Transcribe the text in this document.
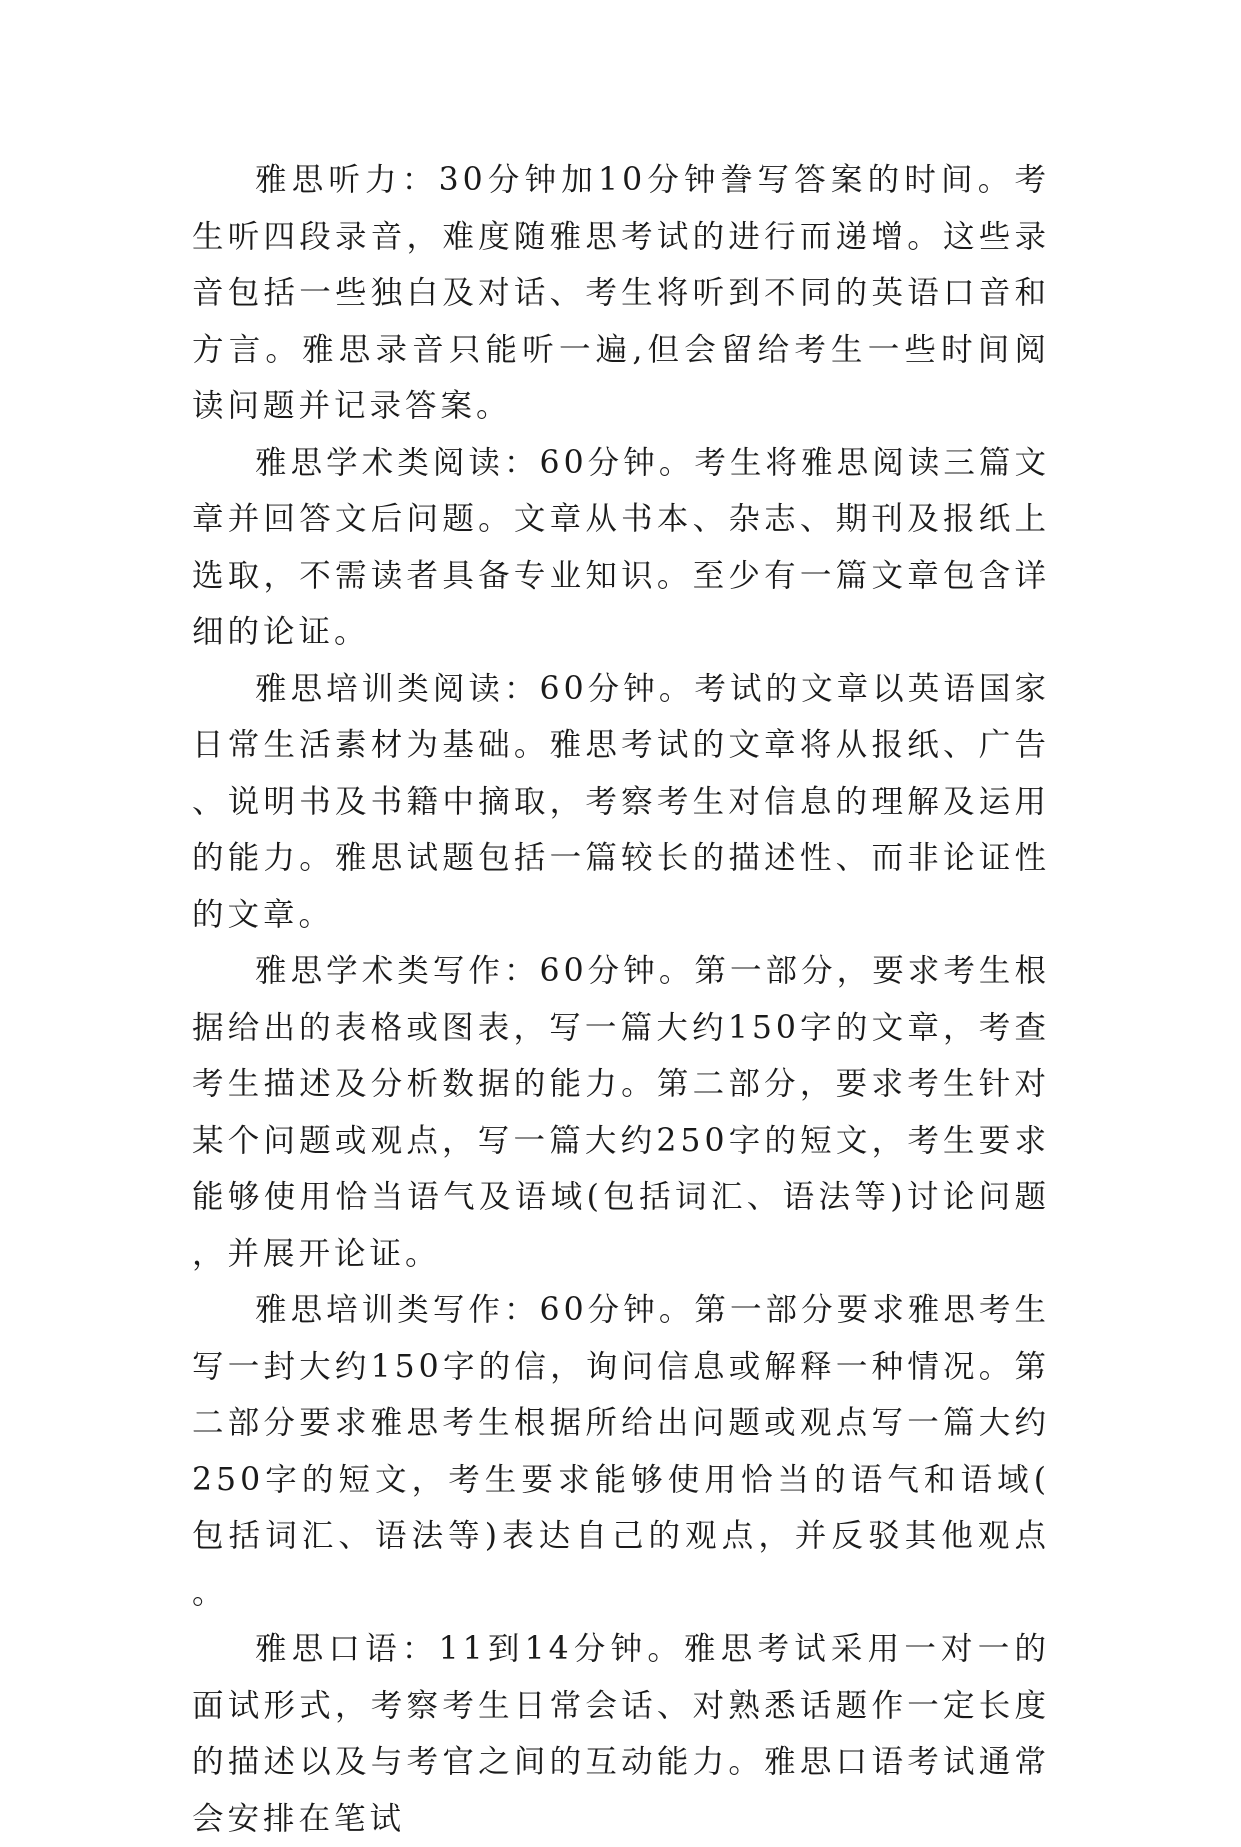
雅思听力：30分钟加10分钟誊写答案的时间。考生听四段录音，难度随雅思考试的进行而递增。这些录音包括一些独白及对话、考生将听到不同的英语口音和方言。雅思录音只能听一遍,但会留给考生一些时间阅读问题并记录答案。

雅思学术类阅读：60分钟。考生将雅思阅读三篇文章并回答文后问题。文章从书本、杂志、期刊及报纸上选取，不需读者具备专业知识。至少有一篇文章包含详细的论证。

雅思培训类阅读：60分钟。考试的文章以英语国家日常生活素材为基础。雅思考试的文章将从报纸、广告、说明书及书籍中摘取，考察考生对信息的理解及运用的能力。雅思试题包括一篇较长的描述性、而非论证性的文章。

雅思学术类写作：60分钟。第一部分，要求考生根据给出的表格或图表，写一篇大约150字的文章，考查考生描述及分析数据的能力。第二部分，要求考生针对某个问题或观点，写一篇大约250字的短文，考生要求能够使用恰当语气及语域(包括词汇、语法等)讨论问题，并展开论证。

雅思培训类写作：60分钟。第一部分要求雅思考生写一封大约150字的信，询问信息或解释一种情况。第二部分要求雅思考生根据所给出问题或观点写一篇大约250字的短文，考生要求能够使用恰当的语气和语域(包括词汇、语法等)表达自己的观点，并反驳其他观点。

雅思口语：11到14分钟。雅思考试采用一对一的面试形式，考察考生日常会话、对熟悉话题作一定长度的描述以及与考官之间的互动能力。雅思口语考试通常会安排在笔试
